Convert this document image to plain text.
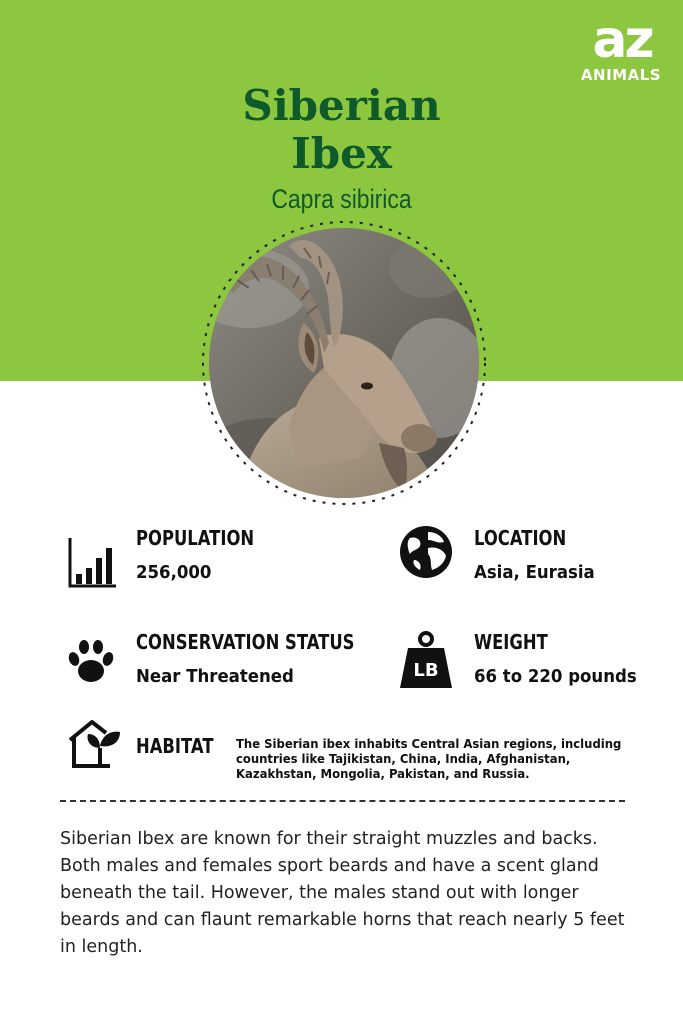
az
ANIMALS
Siberian
Ibex
Capra sibirica
POPULATION
256,000
LOCATION
Asia, Eurasia
CONSERVATION STATUS
Near Threatened	LB
WEIGHT
66 to 220 pounds
HABITAT The Siberian ibex inhabits Central Asian regions, including countries like Tajikistan, China, India, Afghanistan, Kazakhstan, Mongolia, Pakistan, and Russia.
Siberian Ibex are known for their straight muzzles and backs. Both males and females sport beards and have a scent gland beneath the tail. However, the males stand out with longer beards and can flaunt remarkable horns that reach nearly 5 feet in length.
